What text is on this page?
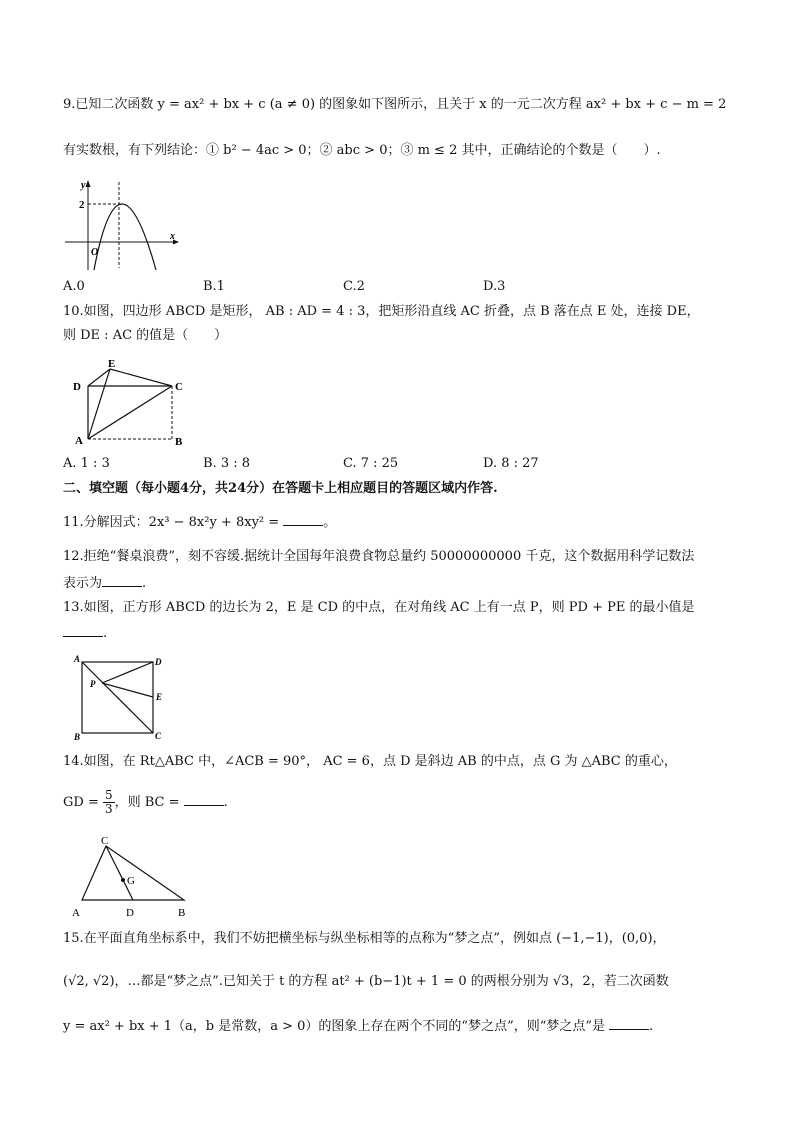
9.已知二次函数 y = ax² + bx + c (a ≠ 0) 的图象如下图所示，且关于 x 的一元二次方程 ax² + bx + c − m = 2
有实数根，有下列结论：① b² − 4ac > 0；② abc > 0；③ m ≤ 2 其中，正确结论的个数是（　　）.
y
2
O
x
A.0	B.1	C.2	D.3
10.如图，四边形 ABCD 是矩形， AB : AD = 4 : 3，把矩形沿直线 AC 折叠，点 B 落在点 E 处，连接 DE，
则 DE : AC 的值是（　　）
E
D	C
A	B
A. 1 : 3	B. 3 : 8	C. 7 : 25	D. 8 : 27
二、填空题（每小题4分，共24分）在答题卡上相应题目的答题区域内作答.
11.分解因式：2x³ − 8x²y + 8xy² =	。
12.拒绝“餐桌浪费”，刻不容缓.据统计全国每年浪费食物总量约 50000000000 千克，这个数据用科学记数法
表示为	.
13.如图，正方形 ABCD 的边长为 2，E 是 CD 的中点，在对角线 AC 上有一点 P，则 PD + PE 的最小值是
.
A	D
P
E
B	C
14.如图，在 Rt△ABC 中，∠ACB = 90°， AC = 6，点 D 是斜边 AB 的中点，点 G 为 △ABC 的重心，
GD = $\frac{5}{3}$ ，则 BC =	.
C
G
A	D	B
15.在平面直角坐标系中，我们不妨把横坐标与纵坐标相等的点称为“梦之点”，例如点 (−1,−1)，(0,0)，
(√2, √2)，…都是“梦之点”.已知关于 t 的方程 at² + (b−1)t + 1 = 0 的两根分别为 √3，2，若二次函数
y = ax² + bx + 1（a，b 是常数，a > 0）的图象上存在两个不同的“梦之点”，则“梦之点”是	.
